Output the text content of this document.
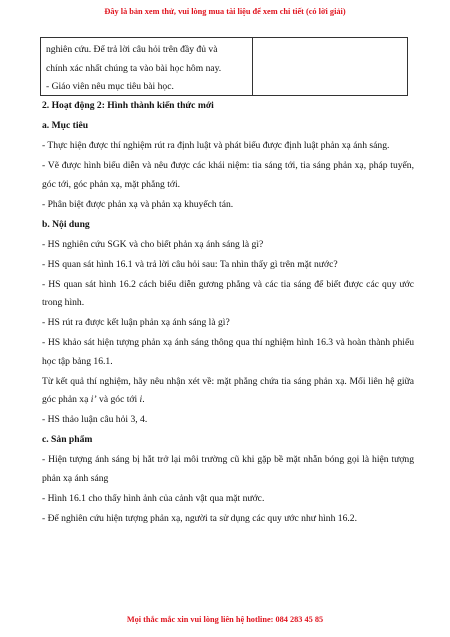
Đây là bản xem thử, vui lòng mua tài liệu để xem chi tiết (có lời giải)
nghiên cứu. Để trả lời câu hỏi trên đầy đủ và
chính xác nhất chúng ta vào bài học hôm nay.
- Giáo viên nêu mục tiêu bài học.

2. Hoạt động 2: Hình thành kiến thức mới

a. Mục tiêu

- Thực hiện được thí nghiệm rút ra định luật và phát biểu được định luật phản xạ ánh sáng.

- Vẽ được hình biểu diễn và nêu được các khái niệm: tia sáng tới, tia sáng phản xạ, pháp tuyến, góc tới, góc phản xạ, mặt phẳng tới.

- Phân biệt được phản xạ và phản xạ khuyếch tán.

b. Nội dung

- HS nghiên cứu SGK và cho biết phản xạ ánh sáng là gì?

- HS quan sát hình 16.1 và trả lời câu hỏi sau: Ta nhìn thấy gì trên mặt nước?

- HS quan sát hình 16.2 cách biểu diễn gương phẳng và các tia sáng để biết được các quy ước trong hình.

- HS rút ra được kết luận phản xạ ánh sáng là gì?

- HS khảo sát hiện tượng phản xạ ánh sáng thông qua thí nghiệm hình 16.3 và hoàn thành phiếu học tập bảng 16.1.

Từ kết quả thí nghiệm, hãy nêu nhận xét về: mặt phẳng chứa tia sáng phản xạ. Mối liên hệ giữa góc phản xạ i’ và góc tới i.

- HS thảo luận câu hỏi 3, 4.

c. Sản phẩm

- Hiện tượng ánh sáng bị hắt trở lại môi trường cũ khi gặp bề mặt nhẵn bóng gọi là hiện tượng phản xạ ánh sáng

- Hình 16.1 cho thấy hình ảnh của cảnh vật qua mặt nước.

- Để nghiên cứu hiện tượng phản xạ, người ta sử dụng các quy ước như hình 16.2.

Mọi thắc mắc xin vui lòng liên hệ hotline: 084 283 45 85
